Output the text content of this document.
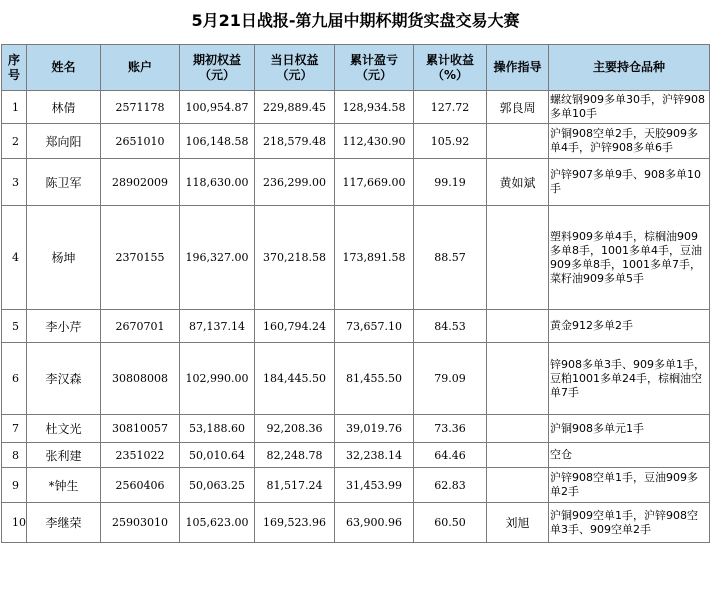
5月21日战报-第九届中期杯期货实盘交易大赛
序号	姓名	账户	期初权益（元）	当日权益（元）	累计盈亏（元）	累计收益（%）	操作指导	主要持仓品种
1	林倩	2571178	100,954.87	229,889.45	128,934.58	127.72	郭良周	螺纹钢909多单30手，沪锌908多单10手
2	郑向阳	2651010	106,148.58	218,579.48	112,430.90	105.92		沪铜908空单2手，天胶909多单4手，沪锌908多单6手
3	陈卫军	28902009	118,630.00	236,299.00	117,669.00	99.19	黄如斌	沪锌907多单9手、908多单10手
4	杨坤	2370155	196,327.00	370,218.58	173,891.58	88.57		塑料909多单4手，棕榈油909多单8手，1001多单4手，豆油909多单8手，1001多单7手，菜籽油909多单5手
5	李小芹	2670701	87,137.14	160,794.24	73,657.10	84.53		黄金912多单2手
6	李汉森	30808008	102,990.00	184,445.50	81,455.50	79.09		锌908多单3手、909多单1手，豆粕1001多单24手，棕榈油空单7手
7	杜文光	30810057	53,188.60	92,208.36	39,019.76	73.36		沪铜908多单元1手
8	张利建	2351022	50,010.64	82,248.78	32,238.14	64.46		空仓
9	*钟生	2560406	50,063.25	81,517.24	31,453.99	62.83		沪锌908空单1手，豆油909多单2手
10	李继荣	25903010	105,623.00	169,523.96	63,900.96	60.50	刘旭	沪铜909空单1手，沪锌908空单3手、909空单2手
